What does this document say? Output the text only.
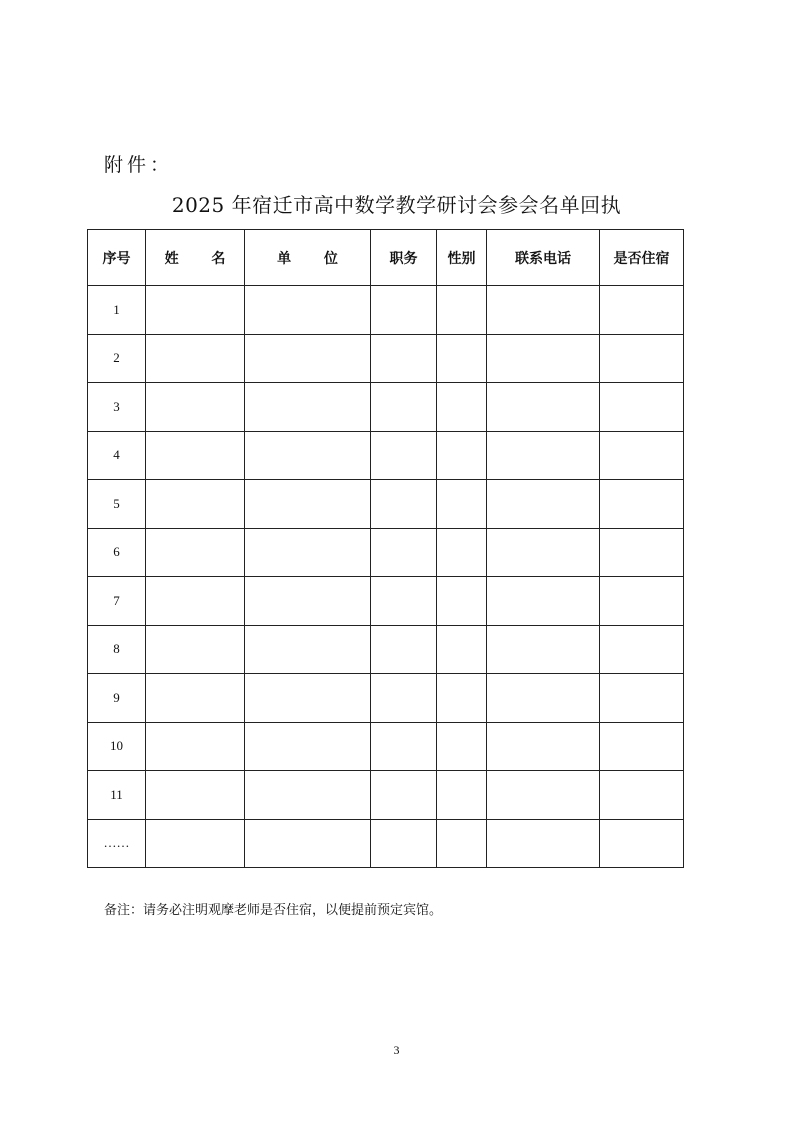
附件：
2025 年宿迁市高中数学教学研讨会参会名单回执
序号	姓 名	单 位	职务	性别	联系电话	是否住宿
1						
2						
3						
4						
5						
6						
7						
8						
9						
10						
11						
……						
备注：请务必注明观摩老师是否住宿，以便提前预定宾馆。
3
